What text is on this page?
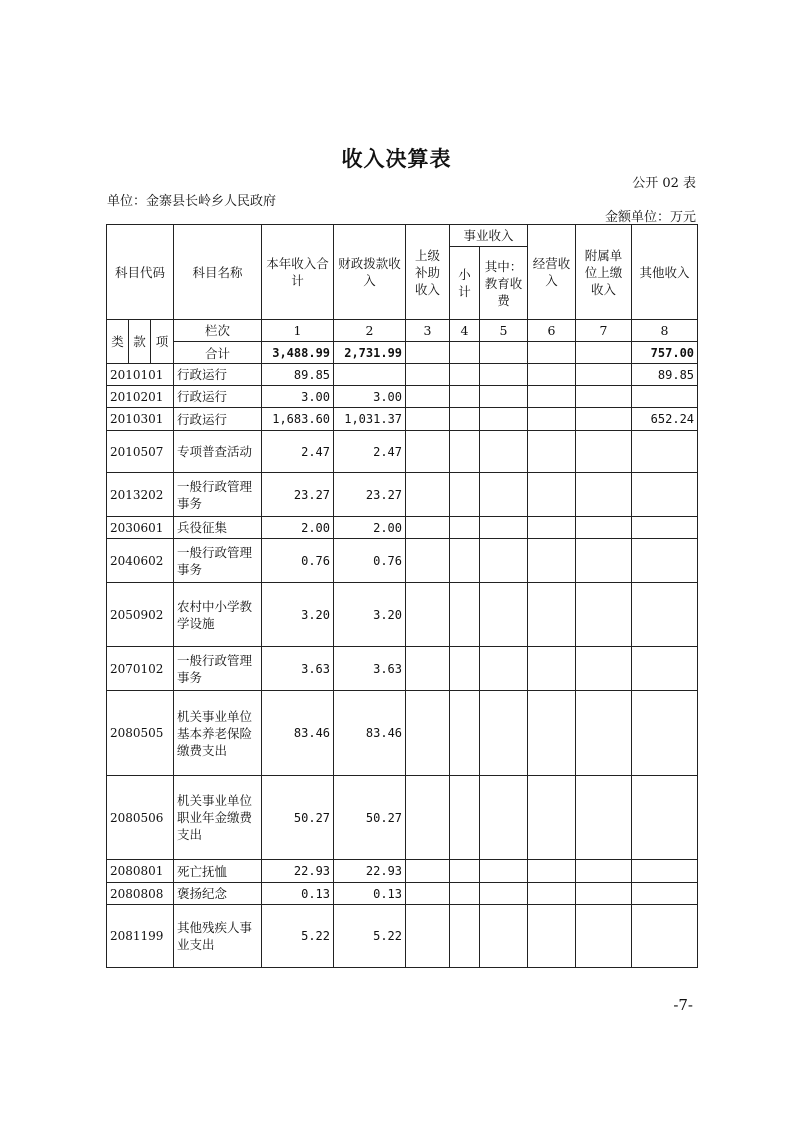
收入决算表
公开 02 表
单位：金寨县长岭乡人民政府
金额单位：万元
科目代码			科目名称	本年收入合计	财政拨款收入	上级补助收入	事业收入		经营收入	附属单位上缴收入	其他收入
							小计	其中：教育收费			
类	款	项	栏次	1	2	3	4	5	6	7	8
			合计	3,488.99	2,731.99						757.00
2010101			行政运行	89.85							89.85
2010201			行政运行	3.00	3.00						
2010301			行政运行	1,683.60	1,031.37						652.24
2010507			专项普查活动	2.47	2.47						
2013202			一般行政管理事务	23.27	23.27						
2030601			兵役征集	2.00	2.00						
2040602			一般行政管理事务	0.76	0.76						
2050902			农村中小学教学设施	3.20	3.20						
2070102			一般行政管理事务	3.63	3.63						
2080505			机关事业单位基本养老保险缴费支出	83.46	83.46						
2080506			机关事业单位职业年金缴费支出	50.27	50.27						
2080801			死亡抚恤	22.93	22.93						
2080808			褒扬纪念	0.13	0.13						
2081199			其他残疾人事业支出	5.22	5.22						
-7-
